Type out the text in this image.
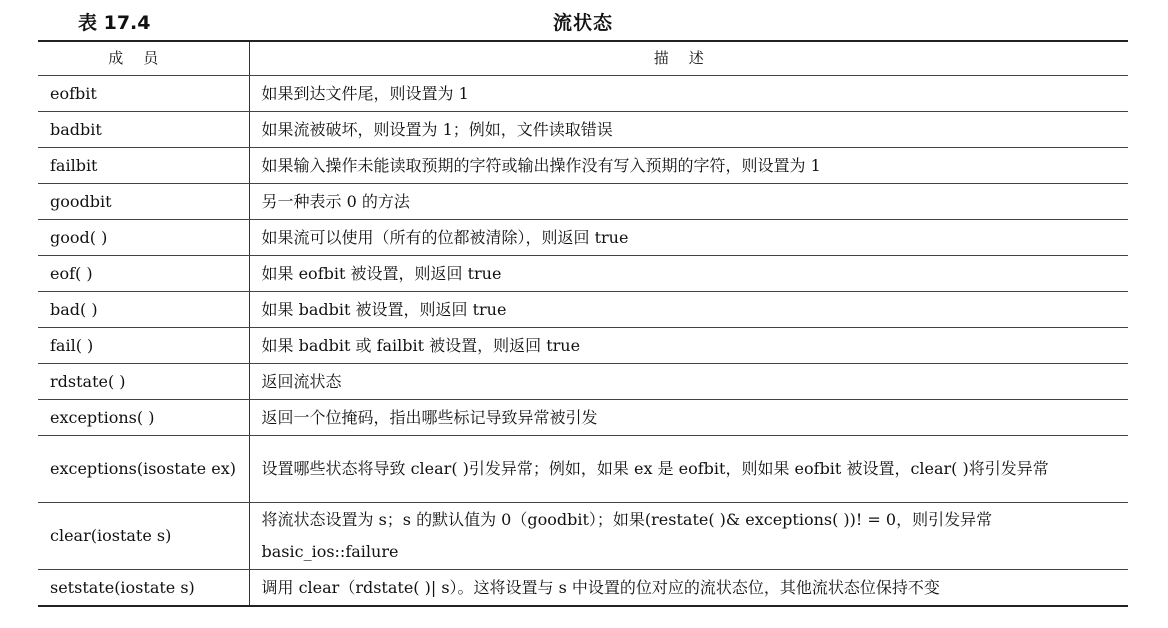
表 17.4	流状态
成员	描述
eofbit	如果到达文件尾，则设置为 1
badbit	如果流被破坏，则设置为 1；例如，文件读取错误
failbit	如果输入操作未能读取预期的字符或输出操作没有写入预期的字符，则设置为 1
goodbit	另一种表示 0 的方法
good( )	如果流可以使用（所有的位都被清除），则返回 true
eof( )	如果 eofbit 被设置，则返回 true
bad( )	如果 badbit 被设置，则返回 true
fail( )	如果 badbit 或 failbit 被设置，则返回 true
rdstate( )	返回流状态
exceptions( )	返回一个位掩码，指出哪些标记导致异常被引发
exceptions(isostate ex)	设置哪些状态将导致 clear( )引发异常；例如，如果 ex 是 eofbit，则如果 eofbit 被设置，clear( )将引发异常
clear(iostate s)	将流状态设置为 s；s 的默认值为 0（goodbit）；如果(restate( )& exceptions( ))! = 0，则引发异常 basic_ios::failure
setstate(iostate s)	调用 clear（rdstate( )| s）。这将设置与 s 中设置的位对应的流状态位，其他流状态位保持不变
